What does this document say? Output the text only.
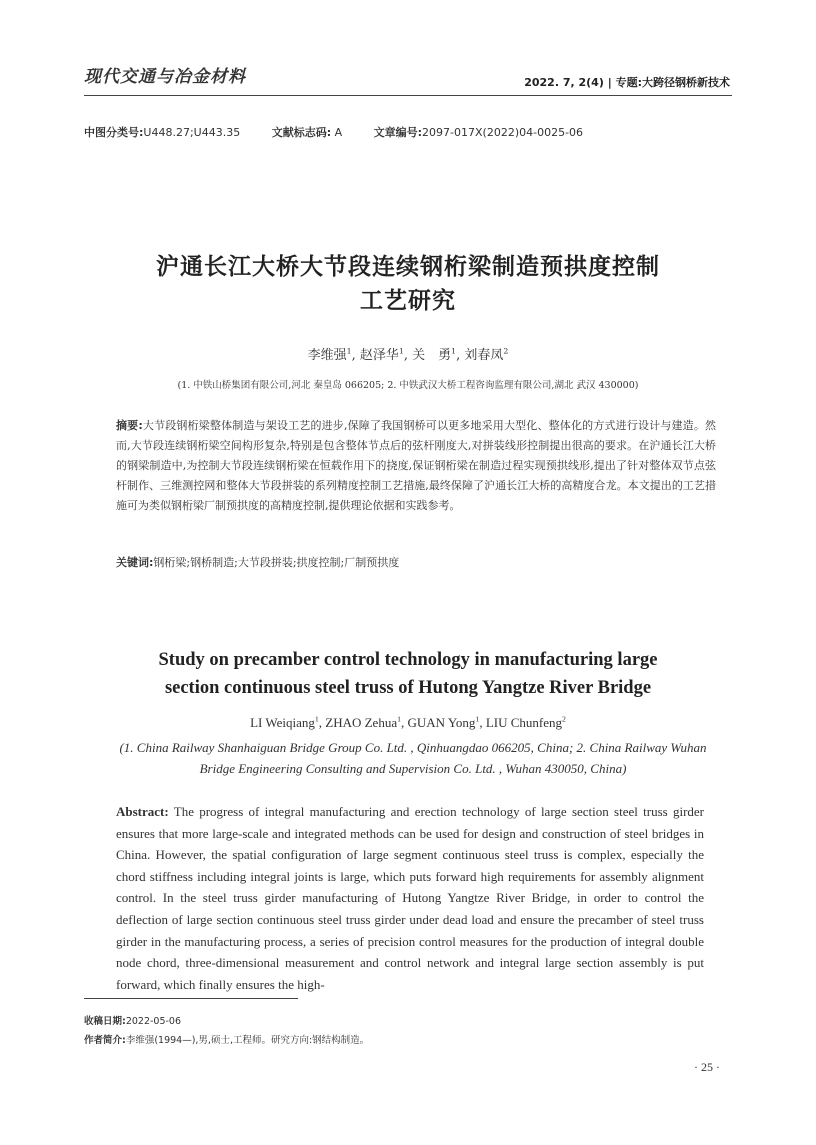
现代交通与冶金材料	2022. 7, 2(4) | 专题:大跨径钢桥新技术
中图分类号:U448.27;U443.35	文献标志码: A	文章编号:2097-017X(2022)04-0025-06
沪通长江大桥大节段连续钢桁梁制造预拱度控制
工艺研究
李维强$^1$, 赵泽华$^1$, 关　勇$^1$, 刘春凤$^2$
(1. 中铁山桥集团有限公司,河北 秦皇岛 066205; 2. 中铁武汉大桥工程咨询监理有限公司,湖北 武汉 430000)
摘要:大节段钢桁梁整体制造与架设工艺的进步,保障了我国钢桥可以更多地采用大型化、整体化的方式进行设计与建造。然而,大节段连续钢桁梁空间构形复杂,特别是包含整体节点后的弦杆刚度大,对拼装线形控制提出很高的要求。在沪通长江大桥的钢梁制造中,为控制大节段连续钢桁梁在恒载作用下的挠度,保证钢桁梁在制造过程实现预拱线形,提出了针对整体双节点弦杆制作、三维测控网和整体大节段拼装的系列精度控制工艺措施,最终保障了沪通长江大桥的高精度合龙。本文提出的工艺措施可为类似钢桁梁厂制预拱度的高精度控制,提供理论依据和实践参考。
关键词:钢桁梁;钢桥制造;大节段拼装;拱度控制;厂制预拱度
Study on precamber control technology in manufacturing large
section continuous steel truss of Hutong Yangtze River Bridge
LI Weiqiang$^1$, ZHAO Zehua$^1$, GUAN Yong$^1$, LIU Chunfeng$^2$
(1. China Railway Shanhaiguan Bridge Group Co. Ltd. , Qinhuangdao 066205, China; 2. China Railway Wuhan Bridge Engineering Consulting and Supervision Co. Ltd. , Wuhan 430050, China)
Abstract: The progress of integral manufacturing and erection technology of large section steel truss girder ensures that more large-scale and integrated methods can be used for design and construction of steel bridges in China. However, the spatial configuration of large segment continuous steel truss is complex, especially the chord stiffness including integral joints is large, which puts forward high requirements for assembly alignment control. In the steel truss girder manufacturing of Hutong Yangtze River Bridge, in order to control the deflection of large section continuous steel truss girder under dead load and ensure the precamber of steel truss girder in the manufacturing process, a series of precision control measures for the production of integral double node chord, three-dimensional measurement and control network and integral large section assembly is put forward, which finally ensures the high-
收稿日期:2022-05-06
作者简介:李维强(1994—),男,硕士,工程师。研究方向:钢结构制造。
· 25 ·
